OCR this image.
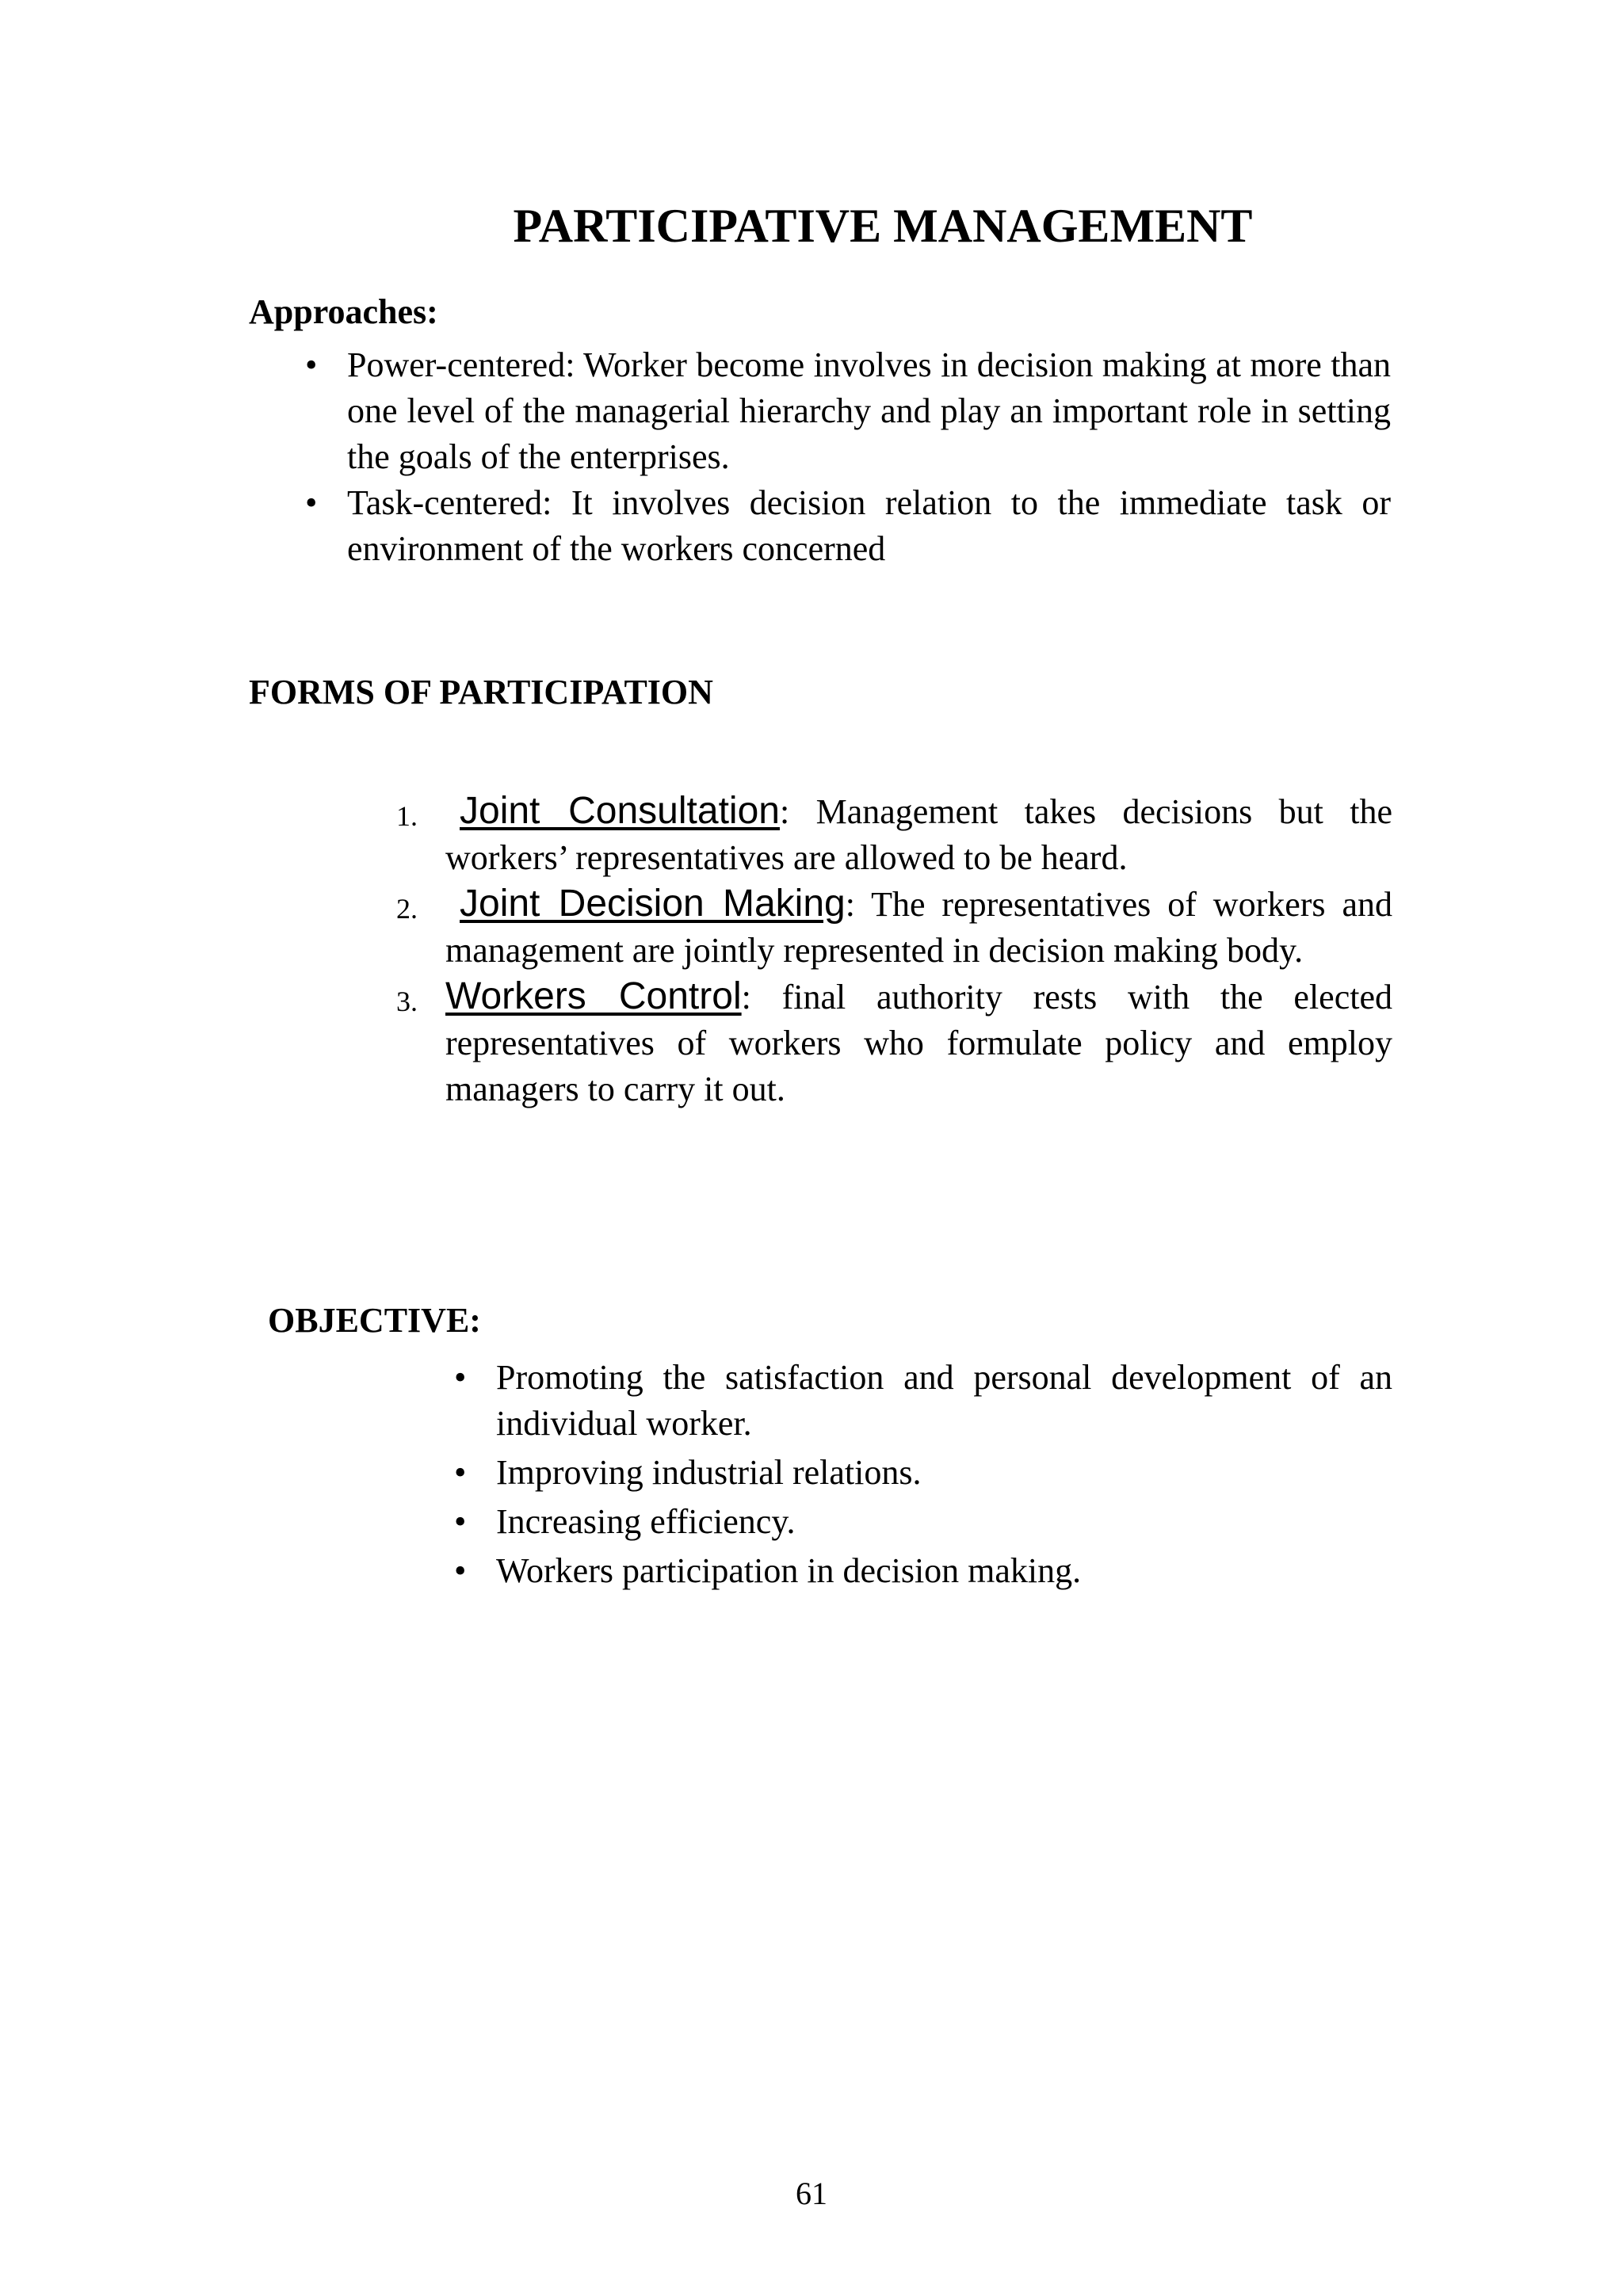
PARTICIPATIVE MANAGEMENT
Approaches:
• Power-centered: Worker become involves in decision making at more than one level of the managerial hierarchy and play an important role in setting the goals of the enterprises.
• Task-centered: It involves decision relation to the immediate task or environment of the workers concerned
FORMS OF PARTICIPATION
1. Joint Consultation: Management takes decisions but the workers’ representatives are allowed to be heard.
2. Joint Decision Making: The representatives of workers and management are jointly represented in decision making body.
3. Workers Control: final authority rests with the elected representatives of workers who formulate policy and employ managers to carry it out.
OBJECTIVE:
• Promoting the satisfaction and personal development of an individual worker.
• Improving industrial relations.
• Increasing efficiency.
• Workers participation in decision making.
61
